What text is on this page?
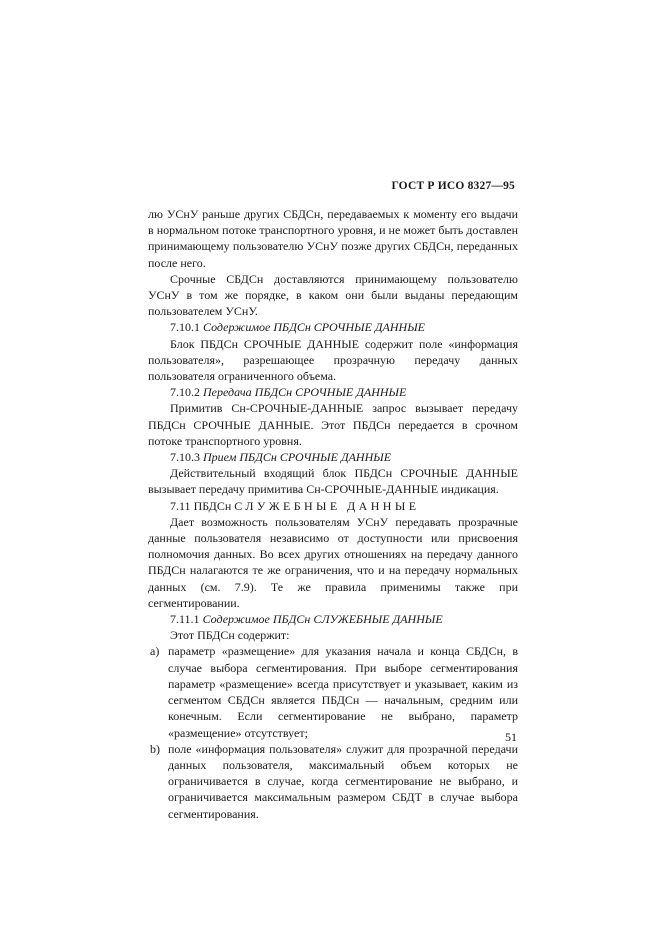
ГОСТ Р ИСО 8327—95

лю УСнУ раньше других СБДСн, передаваемых к моменту его выдачи в нормальном потоке транспортного уровня, и не может быть доставлен принимающему пользователю УСнУ позже других СБДСн, переданных после него.

Срочные СБДСн доставляются принимающему пользователю УСнУ в том же порядке, в каком они были выданы передающим пользователем УСнУ.

7.10.1 Содержимое ПБДСн СРОЧНЫЕ ДАННЫЕ

Блок ПБДСн СРОЧНЫЕ ДАННЫЕ содержит поле «информация пользователя», разрешающее прозрачную передачу данных пользователя ограниченного объема.

7.10.2 Передача ПБДСн СРОЧНЫЕ ДАННЫЕ

Примитив Сн-СРОЧНЫЕ-ДАННЫЕ запрос вызывает передачу ПБДСн СРОЧНЫЕ ДАННЫЕ. Этот ПБДСн передается в срочном потоке транспортного уровня.

7.10.3 Прием ПБДСн СРОЧНЫЕ ДАННЫЕ

Действительный входящий блок ПБДСн СРОЧНЫЕ ДАННЫЕ вызывает передачу примитива Сн-СРОЧНЫЕ-ДАННЫЕ индикация.

7.11 ПБДСн СЛУЖЕБНЫЕ ДАННЫЕ

Дает возможность пользователям УСнУ передавать прозрачные данные пользователя независимо от доступности или присвоения полномочия данных. Во всех других отношениях на передачу данного ПБДСн налагаются те же ограничения, что и на передачу нормальных данных (см. 7.9). Те же правила применимы также при сегментировании.

7.11.1 Содержимое ПБДСн СЛУЖЕБНЫЕ ДАННЫЕ

Этот ПБДСн содержит:

а) параметр «размещение» для указания начала и конца СБДСн, в случае выбора сегментирования. При выборе сегментирования параметр «размещение» всегда присутствует и указывает, каким из сегментом СБДСн является ПБДСн — начальным, средним или конечным. Если сегментирование не выбрано, параметр «размещение» отсутствует;

b) поле «информация пользователя» служит для прозрачной передачи данных пользователя, максимальный объем которых не ограничивается в случае, когда сегментирование не выбрано, и ограничивается максимальным размером СБДТ в случае выбора сегментирования.

51
